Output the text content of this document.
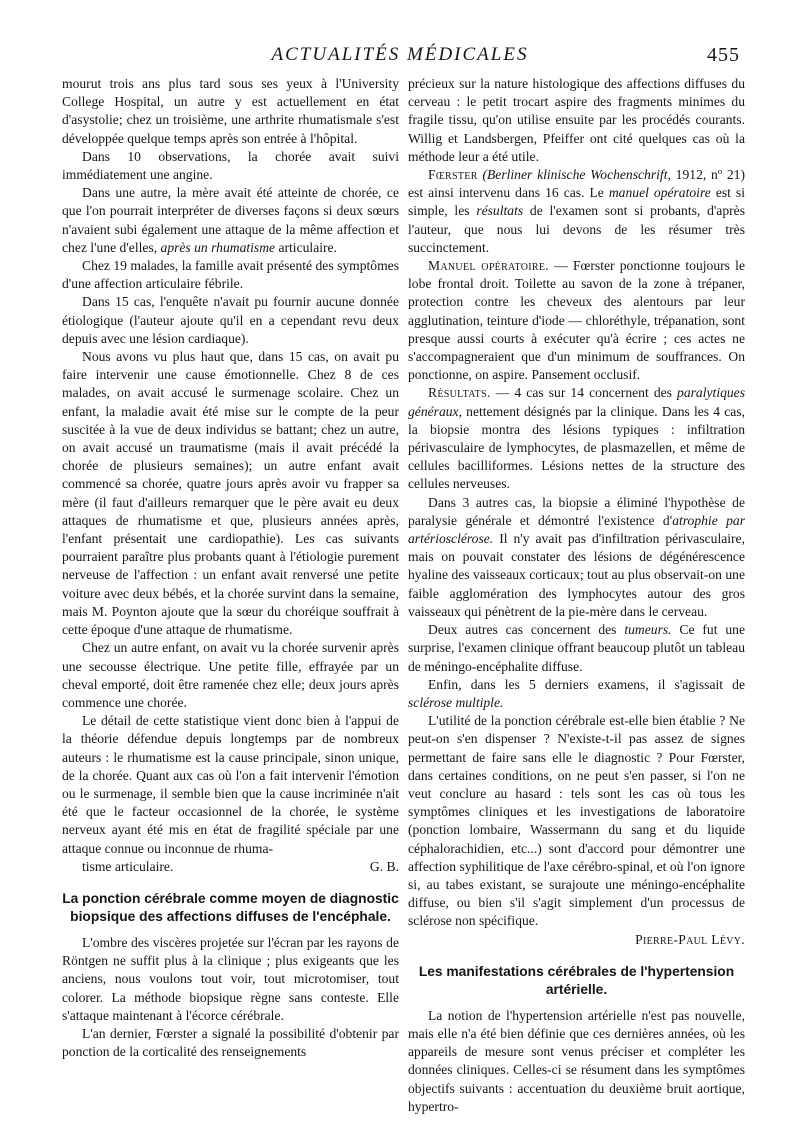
ACTUALITÉS MÉDICALES	455

mourut trois ans plus tard sous ses yeux à l'University College Hospital, un autre y est actuellement en état d'asystolie; chez un troisième, une arthrite rhumatismale s'est développée quelque temps après son entrée à l'hôpital.

Dans 10 observations, la chorée avait suivi immédiatement une angine.

Dans une autre, la mère avait été atteinte de chorée, ce que l'on pourrait interpréter de diverses façons si deux sœurs n'avaient subi également une attaque de la même affection et chez l'une d'elles, après un rhumatisme articulaire.

Chez 19 malades, la famille avait présenté des symptômes d'une affection articulaire fébrile.

Dans 15 cas, l'enquête n'avait pu fournir aucune donnée étiologique (l'auteur ajoute qu'il en a cependant revu deux depuis avec une lésion cardiaque).

Nous avons vu plus haut que, dans 15 cas, on avait pu faire intervenir une cause émotionnelle. Chez 8 de ces malades, on avait accusé le surmenage scolaire. Chez un enfant, la maladie avait été mise sur le compte de la peur suscitée à la vue de deux individus se battant; chez un autre, on avait accusé un traumatisme (mais il avait précédé la chorée de plusieurs semaines); un autre enfant avait commencé sa chorée, quatre jours après avoir vu frapper sa mère (il faut d'ailleurs remarquer que le père avait eu deux attaques de rhumatisme et que, plusieurs années après, l'enfant présentait une cardiopathie). Les cas suivants pourraient paraître plus probants quant à l'étiologie purement nerveuse de l'affection : un enfant avait renversé une petite voiture avec deux bébés, et la chorée survint dans la semaine, mais M. Poynton ajoute que la sœur du choréique souffrait à cette époque d'une attaque de rhumatisme.

Chez un autre enfant, on avait vu la chorée survenir après une secousse électrique. Une petite fille, effrayée par un cheval emporté, doit être ramenée chez elle; deux jours après commence une chorée.

Le détail de cette statistique vient donc bien à l'appui de la théorie défendue depuis longtemps par de nombreux auteurs : le rhumatisme est la cause principale, sinon unique, de la chorée. Quant aux cas où l'on a fait intervenir l'émotion ou le surmenage, il semble bien que la cause incriminée n'ait été que le facteur occasionnel de la chorée, le système nerveux ayant été mis en état de fragilité spéciale par une attaque connue ou inconnue de rhuma-

tisme articulaire.	G. B.
La ponction cérébrale comme moyen de diagnostic biopsique des affections diffuses de l'encéphale.

L'ombre des viscères projetée sur l'écran par les rayons de Röntgen ne suffit plus à la clinique ; plus exigeants que les anciens, nous voulons tout voir, tout microtomiser, tout colorer. La méthode biopsique règne sans conteste. Elle s'attaque maintenant à l'écorce cérébrale.

L'an dernier, Fœrster a signalé la possibilité d'obtenir par ponction de la corticalité des renseignements

précieux sur la nature histologique des affections diffuses du cerveau : le petit trocart aspire des fragments minimes du fragile tissu, qu'on utilise ensuite par les procédés courants. Willig et Landsbergen, Pfeiffer ont cité quelques cas où la méthode leur a été utile.

Fœrster (Berliner klinische Wochenschrift, 1912, nº 21) est ainsi intervenu dans 16 cas. Le manuel opératoire est si simple, les résultats de l'examen sont si probants, d'après l'auteur, que nous lui devons de les résumer très succinctement.

Manuel opératoire. — Fœrster ponctionne toujours le lobe frontal droit. Toilette au savon de la zone à trépaner, protection contre les cheveux des alentours par leur agglutination, teinture d'iode — chloréthyle, trépanation, sont presque aussi courts à exécuter qu'à écrire ; ces actes ne s'accompagneraient que d'un minimum de souffrances. On ponctionne, on aspire. Pansement occlusif.

Résultats. — 4 cas sur 14 concernent des paralytiques généraux, nettement désignés par la clinique. Dans les 4 cas, la biopsie montra des lésions typiques : infiltration périvasculaire de lymphocytes, de plasmazellen, et même de cellules bacilliformes. Lésions nettes de la structure des cellules nerveuses.

Dans 3 autres cas, la biopsie a éliminé l'hypothèse de paralysie générale et démontré l'existence d'atrophie par artériosclérose. Il n'y avait pas d'infiltration périvasculaire, mais on pouvait constater des lésions de dégénérescence hyaline des vaisseaux corticaux; tout au plus observait-on une faible agglomération des lymphocytes autour des gros vaisseaux qui pénètrent de la pie-mère dans le cerveau.

Deux autres cas concernent des tumeurs. Ce fut une surprise, l'examen clinique offrant beaucoup plutôt un tableau de méningo-encéphalite diffuse.

Enfin, dans les 5 derniers examens, il s'agissait de sclérose multiple.

L'utilité de la ponction cérébrale est-elle bien établie ? Ne peut-on s'en dispenser ? N'existe-t-il pas assez de signes permettant de faire sans elle le diagnostic ? Pour Fœrster, dans certaines conditions, on ne peut s'en passer, si l'on ne veut conclure au hasard : tels sont les cas où tous les symptômes cliniques et les investigations de laboratoire (ponction lombaire, Wassermann du sang et du liquide céphalorachidien, etc...) sont d'accord pour démontrer une affection syphilitique de l'axe cérébro-spinal, et où l'on ignore si, au tabes existant, se surajoute une méningo-encéphalite diffuse, ou bien s'il s'agit simplement d'un processus de sclérose non spécifique.

Pierre-Paul Lévy.

Les manifestations cérébrales de l'hypertension artérielle.

La notion de l'hypertension artérielle n'est pas nouvelle, mais elle n'a été bien définie que ces dernières années, où les appareils de mesure sont venus préciser et compléter les données cliniques. Celles-ci se résument dans les symptômes objectifs suivants : accentuation du deuxième bruit aortique, hypertro-
